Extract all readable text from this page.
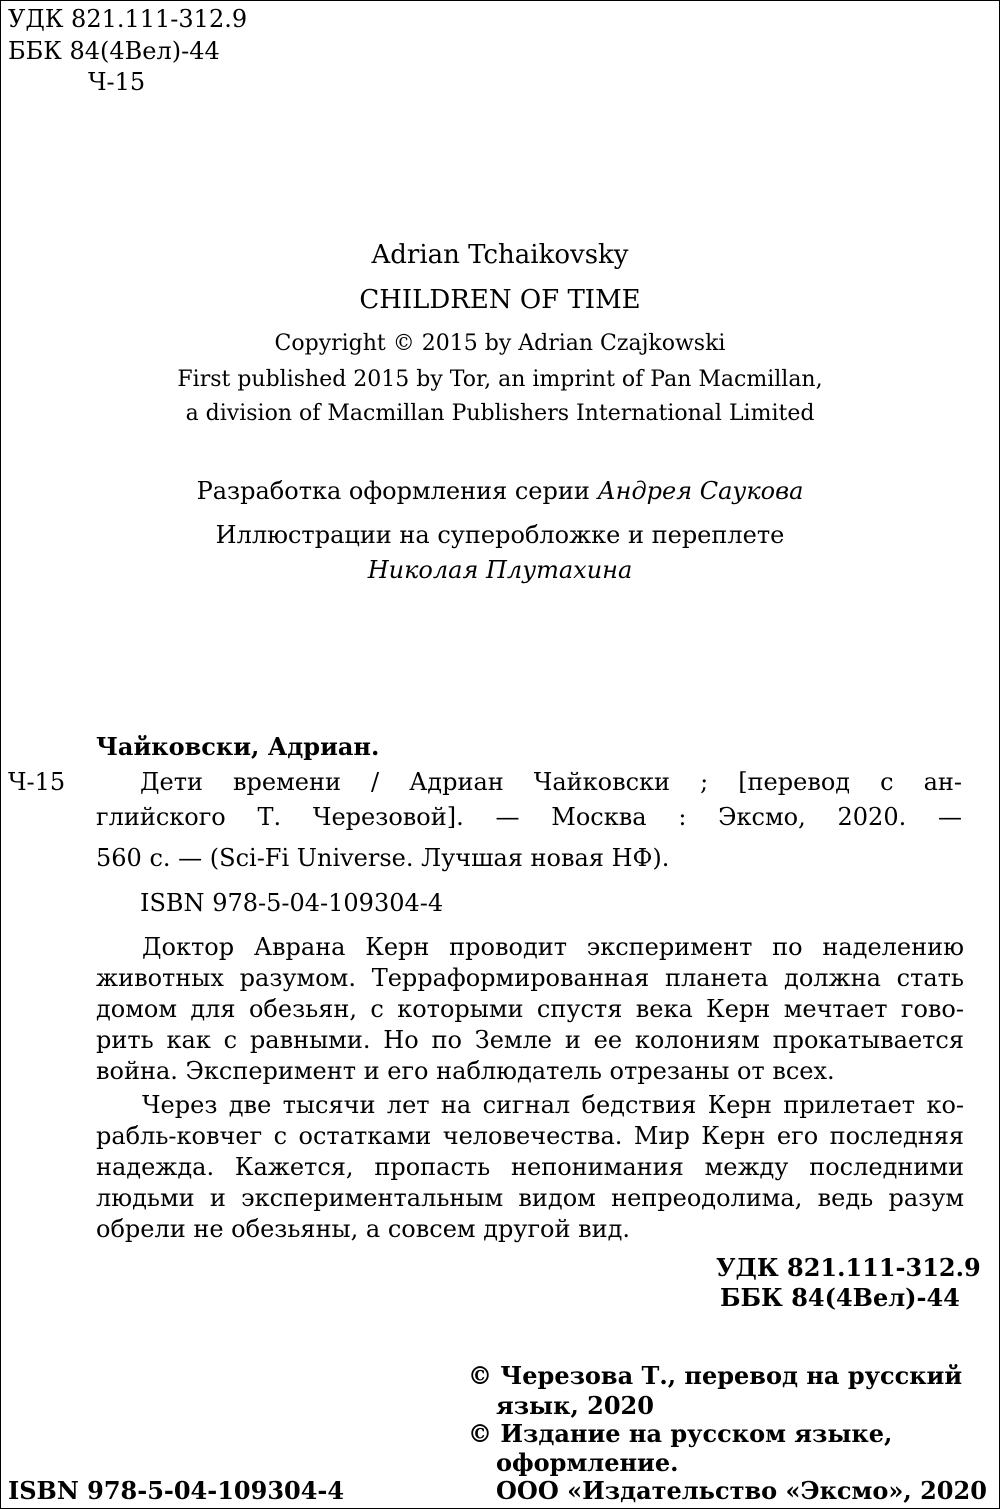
УДК 821.111-312.9
ББК 84(4Вел)-44
Ч-15
Adrian Tchaikovsky
CHILDREN OF TIME
Copyright © 2015 by Adrian Czajkowski
First published 2015 by Tor, an imprint of Pan Macmillan,
a division of Macmillan Publishers International Limited
Разработка оформления серии Андрея Саукова
Иллюстрации на суперобложке и переплете
Николая Плутахина
Чайковски, Адриан.
Ч-15	Дети времени / Адриан Чайковски ; [перевод с ан-
глийского Т. Черезовой]. — Москва : Эксмо, 2020. —
560 с. — (Sci-Fi Universe. Лучшая новая НФ).
ISBN 978-5-04-109304-4
Доктор Аврана Керн проводит эксперимент по наделению
животных разумом. Терраформированная планета должна стать
домом для обезьян, с которыми спустя века Керн мечтает гово-
рить как с равными. Но по Земле и ее колониям прокатывается
война. Эксперимент и его наблюдатель отрезаны от всех.
Через две тысячи лет на сигнал бедствия Керн прилетает ко-
рабль-ковчег с остатками человечества. Мир Керн его последняя
надежда. Кажется, пропасть непонимания между последними
людьми и экспериментальным видом непреодолима, ведь разум
обрели не обезьяны, а совсем другой вид.
УДК 821.111-312.9
ББК 84(4Вел)-44
© Черезова Т., перевод на русский
язык, 2020
© Издание на русском языке,
оформление.
ООО «Издательство «Эксмо», 2020
ISBN 978-5-04-109304-4
